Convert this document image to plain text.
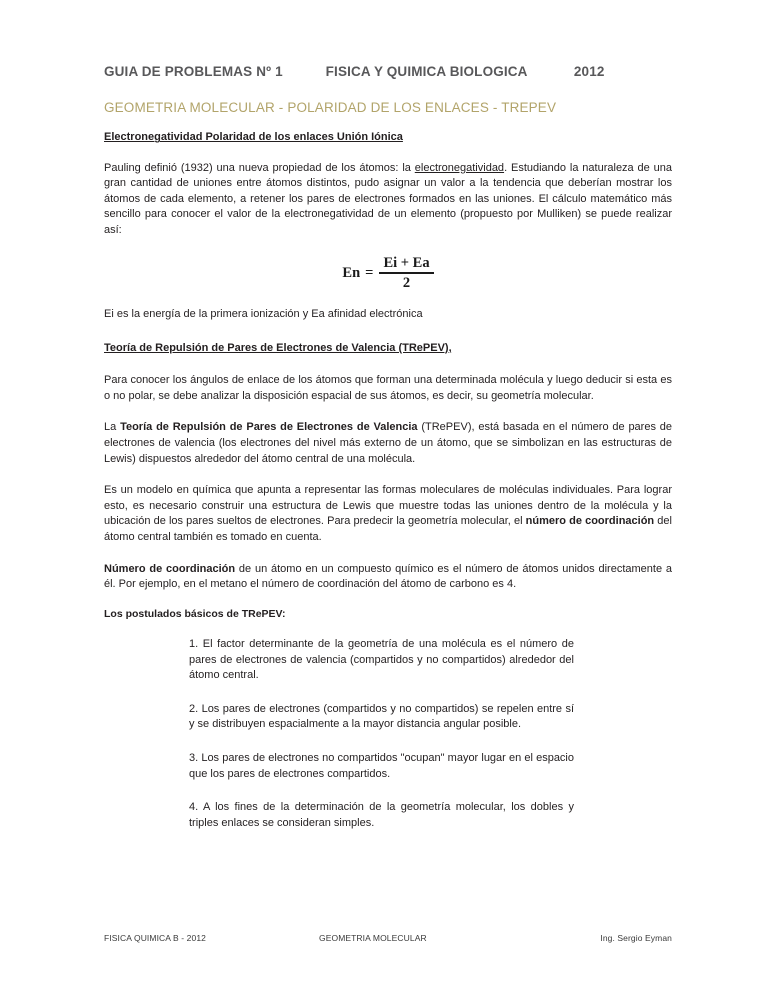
GUIA DE PROBLEMAS Nº 1           FISICA Y QUIMICA BIOLOGICA            2012
GEOMETRIA MOLECULAR - POLARIDAD DE LOS ENLACES - TREPEV
Electronegatividad Polaridad de los enlaces Unión Iónica

Pauling definió (1932) una nueva propiedad de los átomos: la electronegatividad. Estudiando la naturaleza de una gran cantidad de uniones entre átomos distintos, pudo asignar un valor a la tendencia que deberían mostrar los átomos de cada elemento, a retener los pares de electrones formados en las uniones. El cálculo matemático más sencillo para conocer el valor de la electronegatividad de un elemento (propuesto por Mulliken) se puede realizar así:

$En = \frac{Ei + Ea}{2}$

Ei es la energía de la primera ionización y Ea afinidad electrónica

Teoría de Repulsión de Pares de Electrones de Valencia (TRePEV),

Para conocer los ángulos de enlace de los átomos que forman una determinada molécula y luego deducir si esta es o no polar, se debe analizar la disposición espacial de sus átomos, es decir, su geometría molecular.

La Teoría de Repulsión de Pares de Electrones de Valencia (TRePEV), está basada en el número de pares de electrones de valencia (los electrones del nivel más externo de un átomo, que se simbolizan en las estructuras de Lewis) dispuestos alrededor del átomo central de una molécula.

Es un modelo en química que apunta a representar las formas moleculares de moléculas individuales. Para lograr esto, es necesario construir una estructura de Lewis que muestre todas las uniones dentro de la molécula y la ubicación de los pares sueltos de electrones. Para predecir la geometría molecular, el número de coordinación del átomo central también es tomado en cuenta.

Número de coordinación de un átomo en un compuesto químico es el número de átomos unidos directamente a él. Por ejemplo, en el metano el número de coordinación del átomo de carbono es 4.

Los postulados básicos de TRePEV:

1. El factor determinante de la geometría de una molécula es el número de pares de electrones de valencia (compartidos y no compartidos) alrededor del átomo central.

2. Los pares de electrones (compartidos y no compartidos) se repelen entre sí y se distribuyen espacialmente a la mayor distancia angular posible.

3. Los pares de electrones no compartidos "ocupan" mayor lugar en el espacio que los pares de electrones compartidos.

4. A los fines de la determinación de la geometría molecular, los dobles y triples enlaces se consideran simples.

FISICA QUIMICA B - 2012	GEOMETRIA MOLECULAR	Ing. Sergio Eyman
